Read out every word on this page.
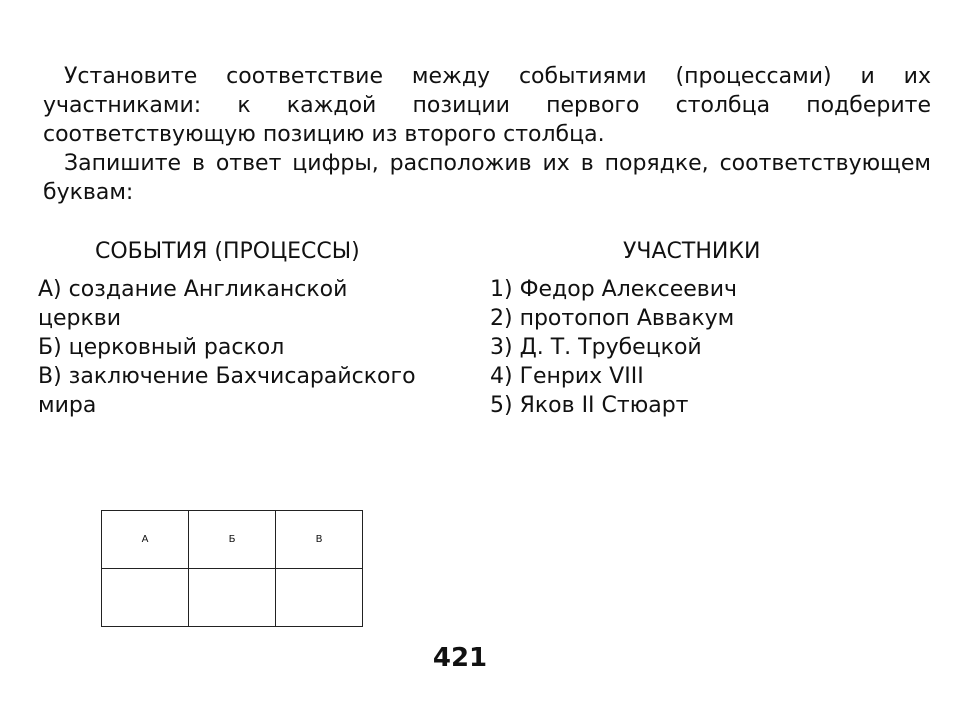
Установите соответствие между событиями (процессами) и их участниками: к каждой позиции первого столбца подберите соответствующую позицию из второго столбца.

Запишите в ответ цифры, расположив их в порядке, соответствующем буквам:

СОБЫТИЯ (ПРОЦЕССЫ)	УЧАСТНИКИ
А) создание Англиканской церкви
Б) церковный раскол
В) заключение Бахчисарайского мира
1) Федор Алексеевич
2) протопоп Аввакум
3) Д. Т. Трубецкой
4) Генрих VIII
5) Яков II Стюарт
А	Б	В

421
